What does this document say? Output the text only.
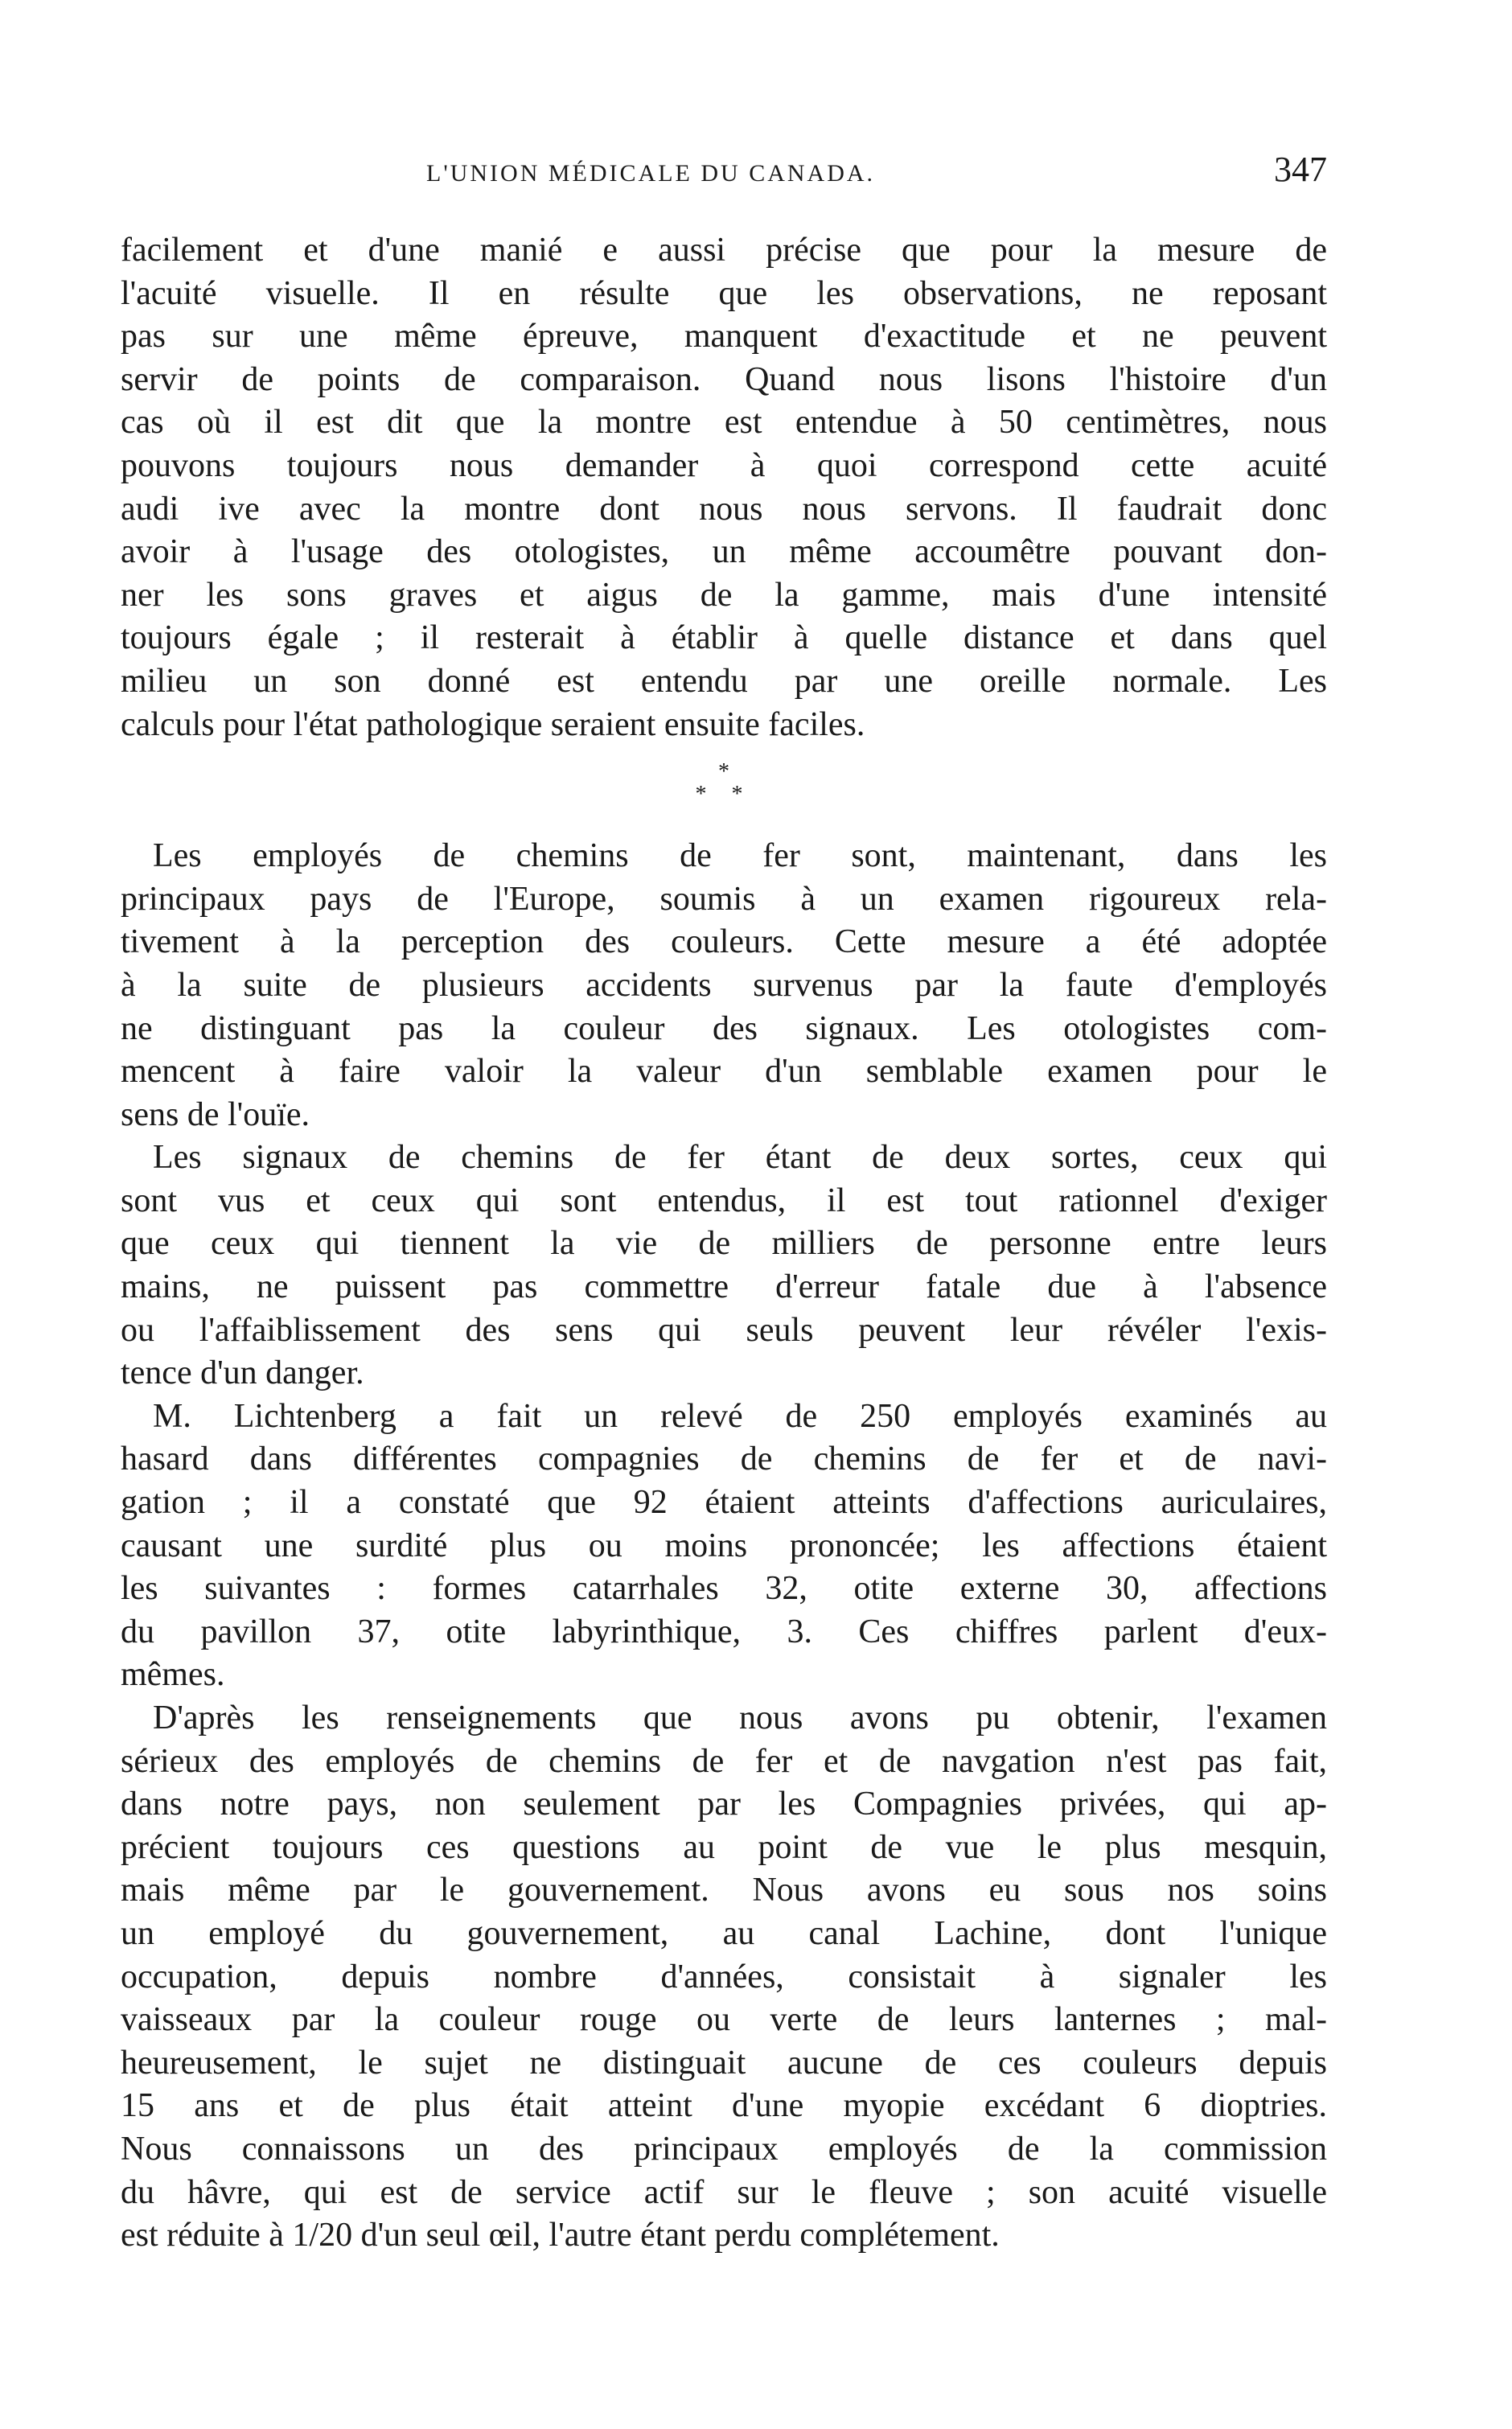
L'UNION MÉDICALE DU CANADA.	347
facilement et d'une manié e aussi précise que pour la mesure de
l'acuité visuelle. Il en résulte que les observations, ne reposant
pas sur une même épreuve, manquent d'exactitude et ne peuvent
servir de points de comparaison. Quand nous lisons l'histoire d'un
cas où il est dit que la montre est entendue à 50 centimètres, nous
pouvons toujours nous demander à quoi correspond cette acuité
audi ive avec la montre dont nous nous servons. Il faudrait donc
avoir à l'usage des otologistes, un même accoumêtre pouvant don-
ner les sons graves et aigus de la gamme, mais d'une intensité
toujours égale ; il resterait à établir à quelle distance et dans quel
milieu un son donné est entendu par une oreille normale. Les
calculs pour l'état pathologique seraient ensuite faciles.
*
* *
Les employés de chemins de fer sont, maintenant, dans les
principaux pays de l'Europe, soumis à un examen rigoureux rela-
tivement à la perception des couleurs. Cette mesure a été adoptée
à la suite de plusieurs accidents survenus par la faute d'employés
ne distinguant pas la couleur des signaux. Les otologistes com-
mencent à faire valoir la valeur d'un semblable examen pour le
sens de l'ouïe.
Les signaux de chemins de fer étant de deux sortes, ceux qui
sont vus et ceux qui sont entendus, il est tout rationnel d'exiger
que ceux qui tiennent la vie de milliers de personne entre leurs
mains, ne puissent pas commettre d'erreur fatale due à l'absence
ou l'affaiblissement des sens qui seuls peuvent leur révéler l'exis-
tence d'un danger.
M. Lichtenberg a fait un relevé de 250 employés examinés au
hasard dans différentes compagnies de chemins de fer et de navi-
gation ; il a constaté que 92 étaient atteints d'affections auriculaires,
causant une surdité plus ou moins prononcée; les affections étaient
les suivantes : formes catarrhales 32, otite externe 30, affections
du pavillon 37, otite labyrinthique, 3. Ces chiffres parlent d'eux-
mêmes.
D'après les renseignements que nous avons pu obtenir, l'examen
sérieux des employés de chemins de fer et de navgation n'est pas fait,
dans notre pays, non seulement par les Compagnies privées, qui ap-
précient toujours ces questions au point de vue le plus mesquin,
mais même par le gouvernement. Nous avons eu sous nos soins
un employé du gouvernement, au canal Lachine, dont l'unique
occupation, depuis nombre d'années, consistait à signaler les
vaisseaux par la couleur rouge ou verte de leurs lanternes ; mal-
heureusement, le sujet ne distinguait aucune de ces couleurs depuis
15 ans et de plus était atteint d'une myopie excédant 6 dioptries.
Nous connaissons un des principaux employés de la commission
du hâvre, qui est de service actif sur le fleuve ; son acuité visuelle
est réduite à 1/20 d'un seul œil, l'autre étant perdu complétement.
